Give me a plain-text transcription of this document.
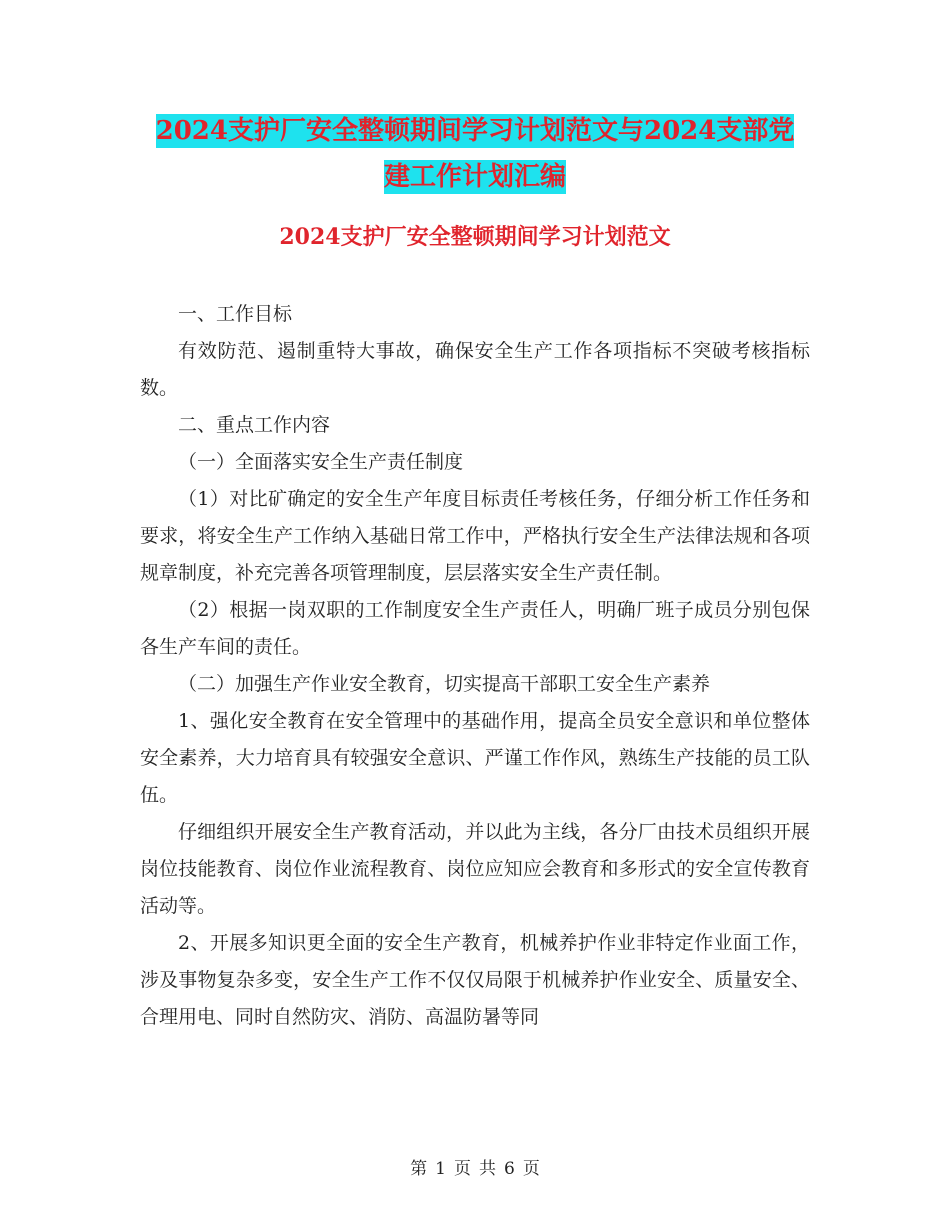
2024支护厂安全整顿期间学习计划范文与2024支部党
建工作计划汇编
2024支护厂安全整顿期间学习计划范文

一、工作目标

有效防范、遏制重特大事故，确保安全生产工作各项指标不突破考核指标数。

二、重点工作内容

（一）全面落实安全生产责任制度

（1）对比矿确定的安全生产年度目标责任考核任务，仔细分析工作任务和要求，将安全生产工作纳入基础日常工作中，严格执行安全生产法律法规和各项规章制度，补充完善各项管理制度，层层落实安全生产责任制。

（2）根据一岗双职的工作制度安全生产责任人，明确厂班子成员分别包保各生产车间的责任。

（二）加强生产作业安全教育，切实提高干部职工安全生产素养

1、强化安全教育在安全管理中的基础作用，提高全员安全意识和单位整体安全素养，大力培育具有较强安全意识、严谨工作作风，熟练生产技能的员工队伍。

仔细组织开展安全生产教育活动，并以此为主线，各分厂由技术员组织开展岗位技能教育、岗位作业流程教育、岗位应知应会教育和多形式的安全宣传教育活动等。

2、开展多知识更全面的安全生产教育，机械养护作业非特定作业面工作，涉及事物复杂多变，安全生产工作不仅仅局限于机械养护作业安全、质量安全、合理用电、同时自然防灾、消防、高温防暑等同

第 1 页 共 6 页
